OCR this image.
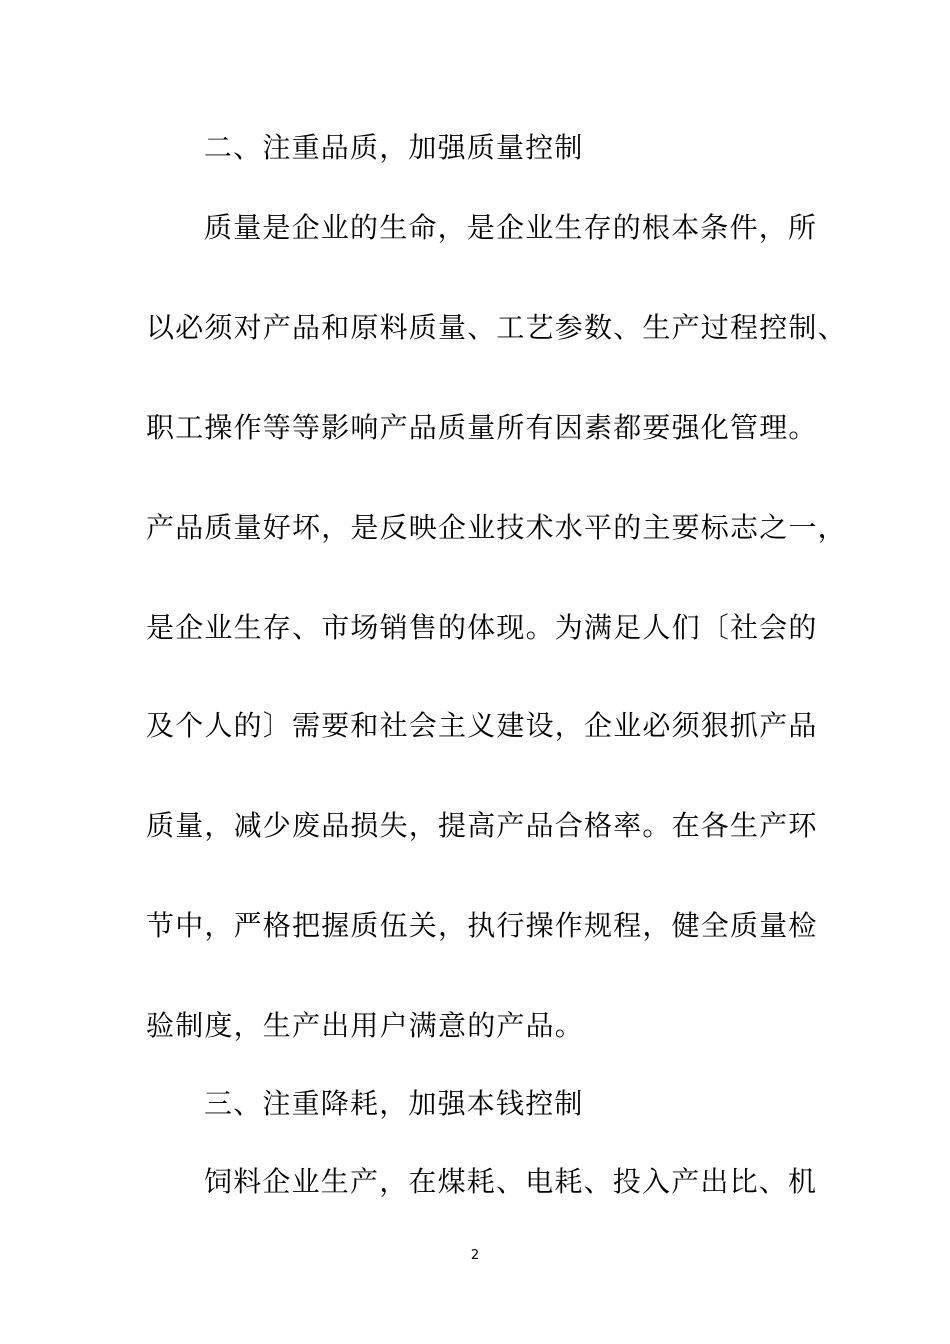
二、注重品质，加强质量控制
质量是企业的生命，是企业生存的根本条件，所
以必须对产品和原料质量、工艺参数、生产过程控制、
职工操作等等影响产品质量所有因素都要强化管理。
产品质量好坏，是反映企业技术水平的主要标志之一，
是企业生存、市场销售的体现。为满足人们〔社会的
及个人的〕需要和社会主义建设，企业必须狠抓产品
质量，减少废品损失，提高产品合格率。在各生产环
节中，严格把握质伍关，执行操作规程，健全质量检
验制度，生产出用户满意的产品。
三、注重降耗，加强本钱控制
饲料企业生产，在煤耗、电耗、投入产出比、机
2
